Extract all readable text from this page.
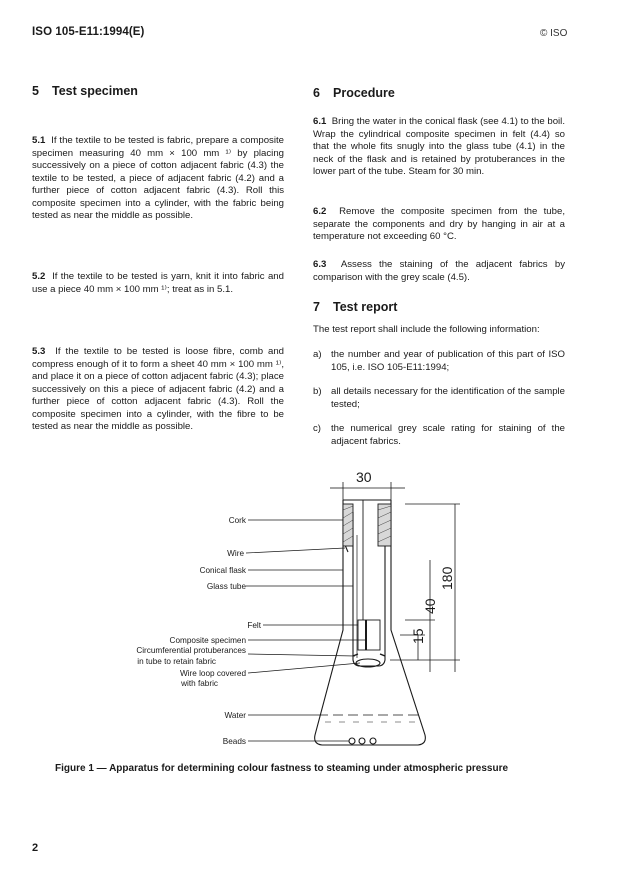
ISO 105-E11:1994(E)	© ISO
5 Test specimen
5.1 If the textile to be tested is fabric, prepare a composite specimen measuring 40 mm × 100 mm ¹⁾ by placing successively on a piece of cotton adjacent fabric (4.3) the textile to be tested, a piece of adjacent fabric (4.2) and a further piece of cotton adjacent fabric (4.3). Roll this composite specimen into a cylinder, with the fabric being tested as near the middle as possible.
5.2 If the textile to be tested is yarn, knit it into fabric and use a piece 40 mm × 100 mm ¹⁾; treat as in 5.1.
5.3 If the textile to be tested is loose fibre, comb and compress enough of it to form a sheet 40 mm × 100 mm ¹⁾, and place it on a piece of cotton adjacent fabric (4.3); place successively on this a piece of adjacent fabric (4.2) and a further piece of cotton adjacent fabric (4.3). Roll the composite specimen into a cylinder, with the fibre to be tested as near the middle as possible.
6 Procedure
6.1 Bring the water in the conical flask (see 4.1) to the boil. Wrap the cylindrical composite specimen in felt (4.4) so that the whole fits snugly into the glass tube (4.1) in the neck of the flask and is retained by protuberances in the lower part of the tube. Steam for 30 min.
6.2 Remove the composite specimen from the tube, separate the components and dry by hanging in air at a temperature not exceeding 60 °C.
6.3 Assess the staining of the adjacent fabrics by comparison with the grey scale (4.5).
7 Test report
The test report shall include the following information:
a) the number and year of publication of this part of ISO 105, i.e. ISO 105-E11:1994;
b) all details necessary for the identification of the sample tested;
c)	the numerical grey scale rating for staining of the adjacent fabrics.
30
180
40
15
Cork
Wire
Conical flask
Glass tube
Felt
Composite specimen
Circumferential protuberances
in tube to retain fabric
Wire loop covered
with fabric
Water
Beads
Figure 1 — Apparatus for determining colour fastness to steaming under atmospheric pressure
2
